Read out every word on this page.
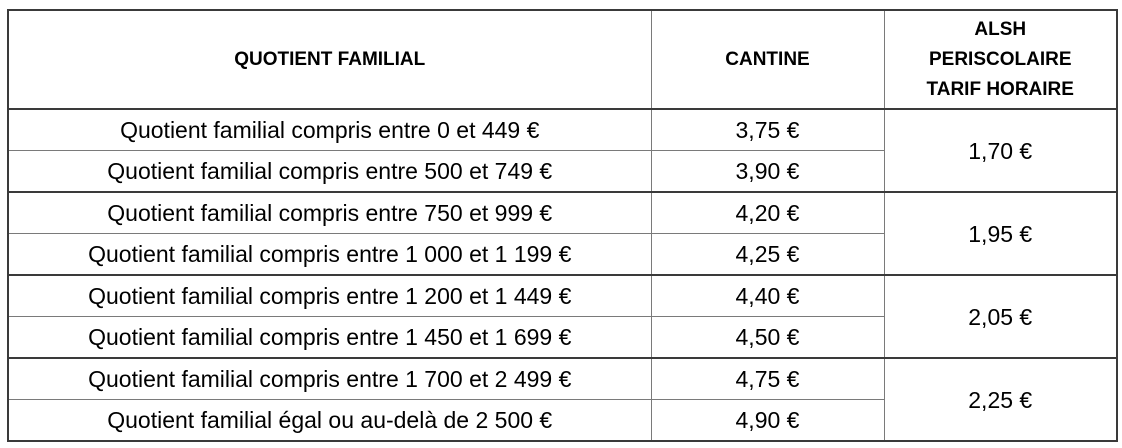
QUOTIENT FAMILIAL	CANTINE	ALSH
PERISCOLAIRE
TARIF HORAIRE

Quotient familial compris entre 0 et 449 €	3,75 €	1,70 €
Quotient familial compris entre 500 et 749 €	3,90 €	
Quotient familial compris entre 750 et 999 €	4,20 €	1,95 €
Quotient familial compris entre 1 000 et 1 199 €	4,25 €	
Quotient familial compris entre 1 200 et 1 449 €	4,40 €	2,05 €
Quotient familial compris entre 1 450 et 1 699 €	4,50 €	
Quotient familial compris entre 1 700 et 2 499 €	4,75 €	2,25 €
Quotient familial égal ou au-delà de 2 500 €	4,90 €	
